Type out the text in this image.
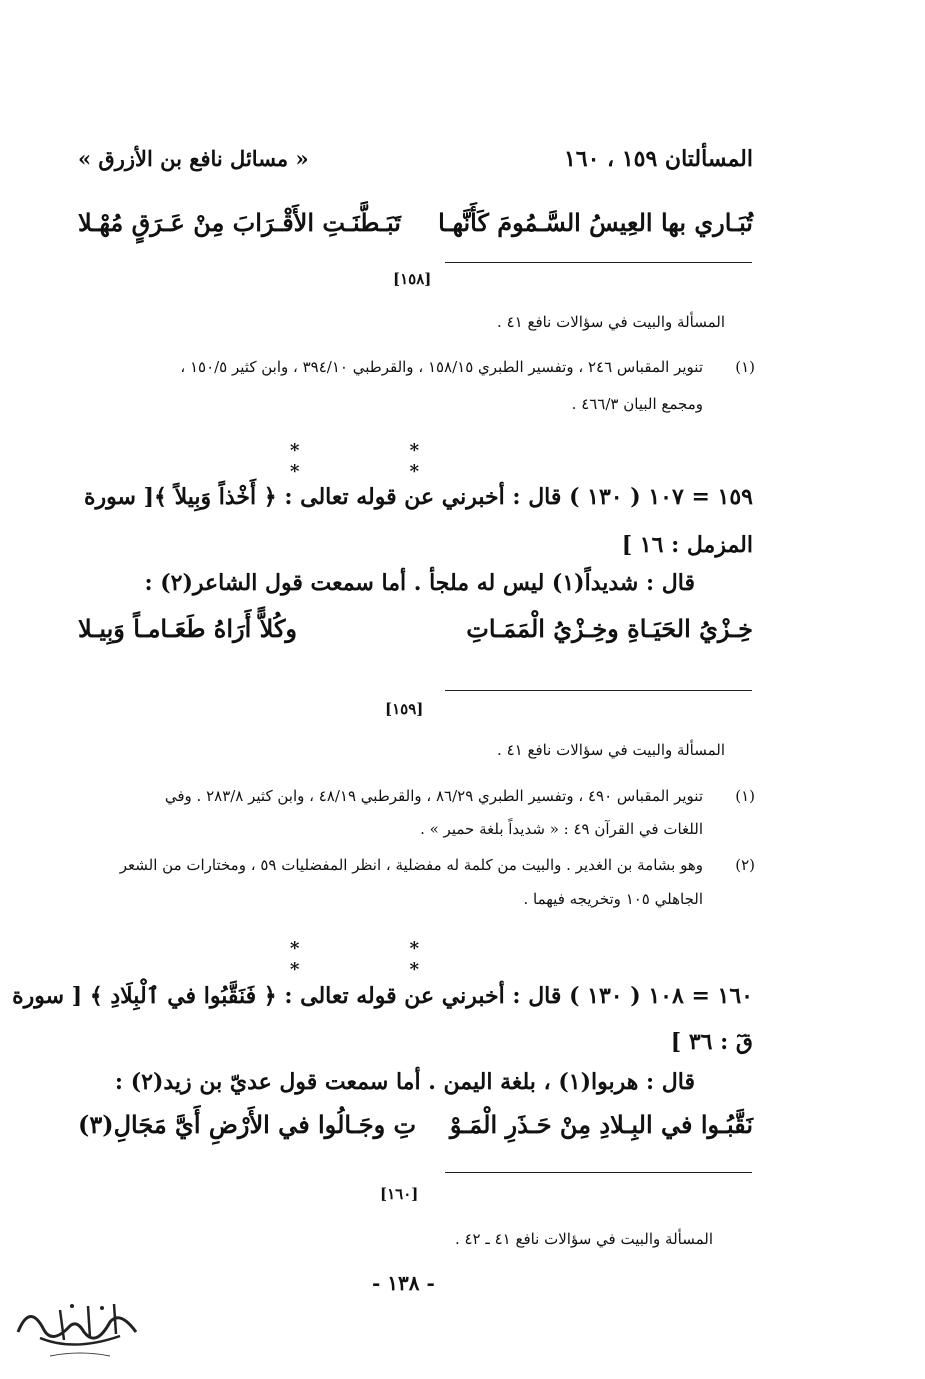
المسألتان ١٥٩ ، ١٦٠
« مسائل نافع بن الأزرق »
تُبَـاري بها العِيسُ السَّـمُومَ كَأَنَّهـا
تَبَـطَّنَـتِ الأَقْـرَابَ مِنْ عَـرَقٍ مُهْـلا
[١٥٨]
المسألة والبيت في سؤالات نافع ٤١ .
(١)
تنوير المقباس ٢٤٦ ، وتفسير الطبري ١٥٨/١٥ ، والقرطبي ٣٩٤/١٠ ، وابن كثير ١٥٠/٥ ،
ومجمع البيان ٤٦٦/٣ .
* * * *
١٥٩ = ١٠٧ ( ١٣٠ ) قال : أخبرني عن قوله تعالى : ﴿ أَخْذاً وَبِيلاً ﴾[ سورة
المزمل : ١٦ ]
قال : شديداً(١) ليس له ملجأ . أما سمعت قول الشاعر(٢) :
خِـزْيُ الحَيَـاةِ وخِـزْيُ الْمَمَـاتِ
وكُلاًّ أَرَاهُ طَعَـامـاً وَبِيـلا
[١٥٩]
المسألة والبيت في سؤالات نافع ٤١ .
(١)
تنوير المقباس ٤٩٠ ، وتفسير الطبري ٨٦/٢٩ ، والقرطبي ٤٨/١٩ ، وابن كثير ٢٨٣/٨ . وفي
اللغات في القرآن ٤٩ : « شديداً بلغة حمير » .
(٢)
وهو بشامة بن الغدير . والبيت من كلمة له مفضلية ، انظر المفضليات ٥٩ ، ومختارات من الشعر
الجاهلي ١٠٥ وتخريجه فيهما .
* * * *
١٦٠ = ١٠٨ ( ١٣٠ ) قال : أخبرني عن قوله تعالى : ﴿ فَنَقَّبُوا في ٱلْبِلَادِ ﴾ [ سورة
قٓ : ٣٦ ]
قال : هربوا(١) ، بلغة اليمن . أما سمعت قول عديّ بن زيد(٢) :
نَقَّبُـوا في البِـلادِ مِنْ حَـذَرِ الْمَـوْ
تِ وجَـالُوا في الأَرْضِ أَيَّ مَجَالِ(٣)
[١٦٠]
المسألة والبيت في سؤالات نافع ٤١ ـ ٤٢ .
- ١٣٨ -
